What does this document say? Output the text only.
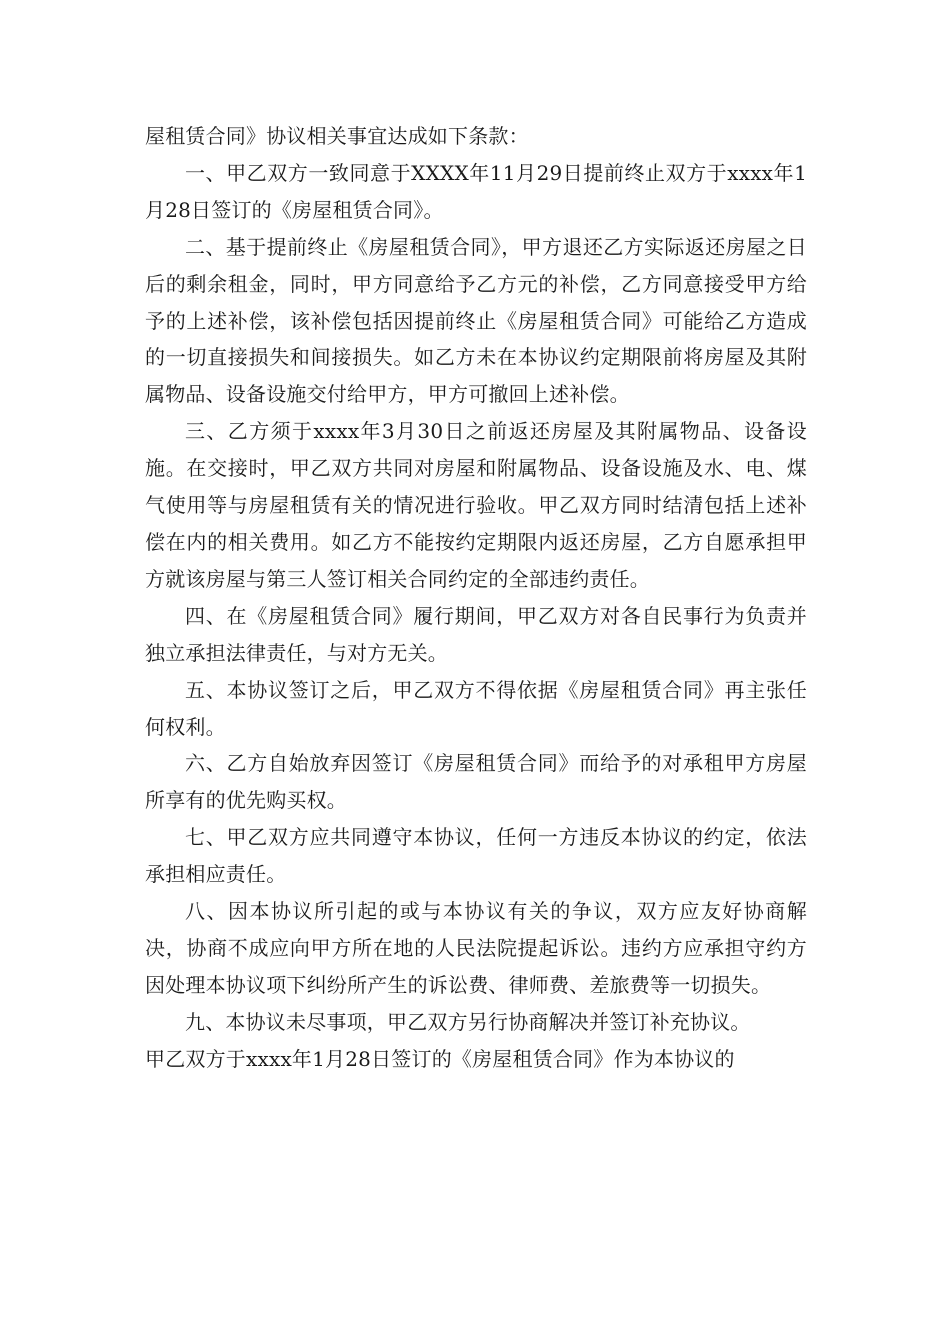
屋租赁合同》协议相关事宜达成如下条款：

一、甲乙双方一致同意于XXXX年11月29日提前终止双方于xxxx年1月28日签订的《房屋租赁合同》。

二、基于提前终止《房屋租赁合同》，甲方退还乙方实际返还房屋之日后的剩余租金，同时，甲方同意给予乙方元的补偿，乙方同意接受甲方给予的上述补偿，该补偿包括因提前终止《房屋租赁合同》可能给乙方造成的一切直接损失和间接损失。如乙方未在本协议约定期限前将房屋及其附属物品、设备设施交付给甲方，甲方可撤回上述补偿。

三、乙方须于xxxx年3月30日之前返还房屋及其附属物品、设备设施。在交接时，甲乙双方共同对房屋和附属物品、设备设施及水、电、煤气使用等与房屋租赁有关的情况进行验收。甲乙双方同时结清包括上述补偿在内的相关费用。如乙方不能按约定期限内返还房屋，乙方自愿承担甲方就该房屋与第三人签订相关合同约定的全部违约责任。

四、在《房屋租赁合同》履行期间，甲乙双方对各自民事行为负责并独立承担法律责任，与对方无关。

五、本协议签订之后，甲乙双方不得依据《房屋租赁合同》再主张任何权利。

六、乙方自始放弃因签订《房屋租赁合同》而给予的对承租甲方房屋所享有的优先购买权。

七、甲乙双方应共同遵守本协议，任何一方违反本协议的约定，依法承担相应责任。

八、因本协议所引起的或与本协议有关的争议，双方应友好协商解决，协商不成应向甲方所在地的人民法院提起诉讼。违约方应承担守约方因处理本协议项下纠纷所产生的诉讼费、律师费、差旅费等一切损失。

九、本协议未尽事项，甲乙双方另行协商解决并签订补充协议。

甲乙双方于xxxx年1月28日签订的《房屋租赁合同》作为本协议的
